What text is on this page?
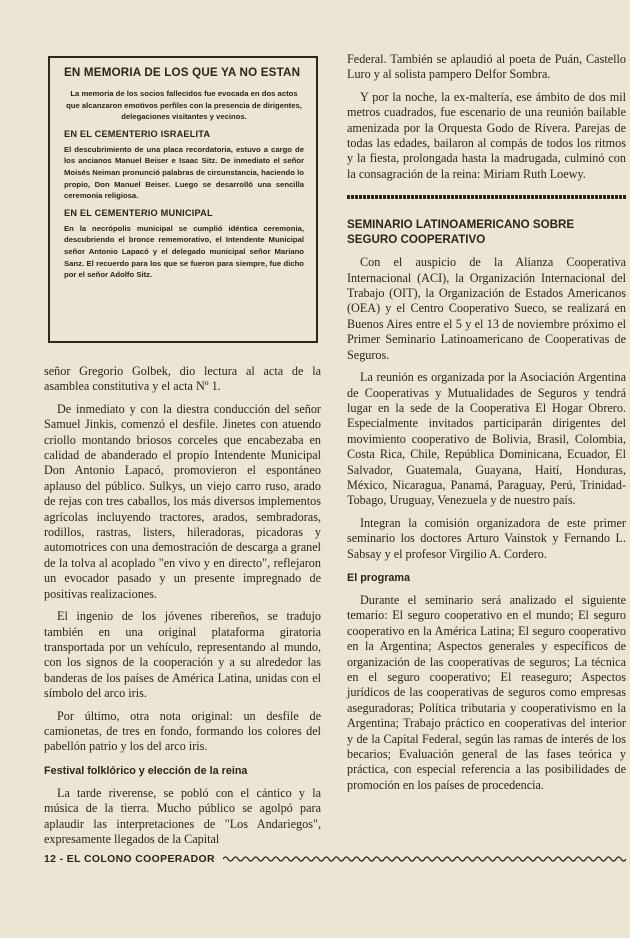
EN MEMORIA DE LOS QUE YA NO ESTAN

La memoria de los socios fallecidos fue evocada en dos actos que alcanzaron emotivos perfiles con la presencia de dirigentes, delegaciones visitantes y vecinos.

EN EL CEMENTERIO ISRAELITA

El descubrimiento de una placa recordatoria, estuvo a cargo de los ancianos Manuel Beiser e Isaac Sitz. De inmediato el señor Moisés Neiman pronunció palabras de circunstancia, haciendo lo propio, Don Manuel Beiser. Luego se desarrolló una sencilla ceremonia religiosa.

EN EL CEMENTERIO MUNICIPAL

En la necrópolis municipal se cumplió idéntica ceremonia, descubriendo el bronce rememorativo, el Intendente Municipal señor Antonio Lapacó y el delegado municipal señor Mariano Sanz. El recuerdo para los que se fueron para siempre, fue dicho por el señor Adolfo Sitz.

señor Gregorio Golbek, dio lectura al acta de la asamblea constitutiva y el acta Nº 1.

De inmediato y con la diestra conducción del señor Samuel Jinkis, comenzó el desfile. Jinetes con atuendo criollo montando briosos corceles que encabezaba en calidad de abanderado el propio Intendente Municipal Don Antonio Lapacó, promovieron el espontáneo aplauso del público. Sulkys, un viejo carro ruso, arado de rejas con tres caballos, los más diversos implementos agrícolas incluyendo tractores, arados, sembradoras, rodillos, rastras, listers, hileradoras, picadoras y automotrices con una demostración de descarga a granel de la tolva al acoplado "en vivo y en directo", reflejaron un evocador pasado y un presente impregnado de positivas realizaciones.

El ingenio de los jóvenes ribereños, se tradujo también en una original plataforma giratoria transportada por un vehículo, representando al mundo, con los signos de la cooperación y a su alrededor las banderas de los países de América Latina, unidas con el símbolo del arco iris.

Por último, otra nota original: un desfile de camionetas, de tres en fondo, formando los colores del pabellón patrio y los del arco iris.

Festival folklórico y elección de la reina

La tarde riverense, se pobló con el cántico y la música de la tierra. Mucho público se agolpó para aplaudir las interpretaciones de "Los Andariegos", expresamente llegados de la Capital

Federal. También se aplaudió al poeta de Puán, Castello Luro y al solista pampero Delfor Sombra.

Y por la noche, la ex-maltería, ese ámbito de dos mil metros cuadrados, fue escenario de una reunión bailable amenizada por la Orquesta Godo de Rivera. Parejas de todas las edades, bailaron al compás de todos los ritmos y la fiesta, prolongada hasta la madrugada, culminó con la consagración de la reina: Miriam Ruth Loewy.

SEMINARIO LATINOAMERICANO SOBRE SEGURO COOPERATIVO

Con el auspicio de la Alianza Cooperativa Internacional (ACI), la Organización Internacional del Trabajo (OIT), la Organización de Estados Americanos (OEA) y el Centro Cooperativo Sueco, se realizará en Buenos Aires entre el 5 y el 13 de noviembre próximo el Primer Seminario Latinoamericano de Cooperativas de Seguros.

La reunión es organizada por la Asociación Argentina de Cooperativas y Mutualidades de Seguros y tendrá lugar en la sede de la Cooperativa El Hogar Obrero. Especialmente invitados participarán dirigentes del movimiento cooperativo de Bolivia, Brasil, Colombia, Costa Rica, Chile, República Dominicana, Ecuador, El Salvador, Guatemala, Guayana, Haití, Honduras, México, Nicaragua, Panamá, Paraguay, Perú, Trinidad-Tobago, Uruguay, Venezuela y de nuestro país.

Integran la comisión organizadora de este primer seminario los doctores Arturo Vainstok y Fernando L. Sabsay y el profesor Virgilio A. Cordero.

El programa

Durante el seminario será analizado el siguiente temario: El seguro cooperativo en el mundo; El seguro cooperativo en la América Latina; El seguro cooperativo en la Argentina; Aspectos generales y específicos de organización de las cooperativas de seguros; La técnica en el seguro cooperativo; El reaseguro; Aspectos jurídicos de las cooperativas de seguros como empresas aseguradoras; Política tributaria y cooperativismo en la Argentina; Trabajo práctico en cooperativas del interior y de la Capital Federal, según las ramas de interés de los becarios; Evaluación general de las fases teórica y práctica, con especial referencia a las posibilidades de promoción en los países de procedencia.

12 - EL COLONO COOPERADOR
